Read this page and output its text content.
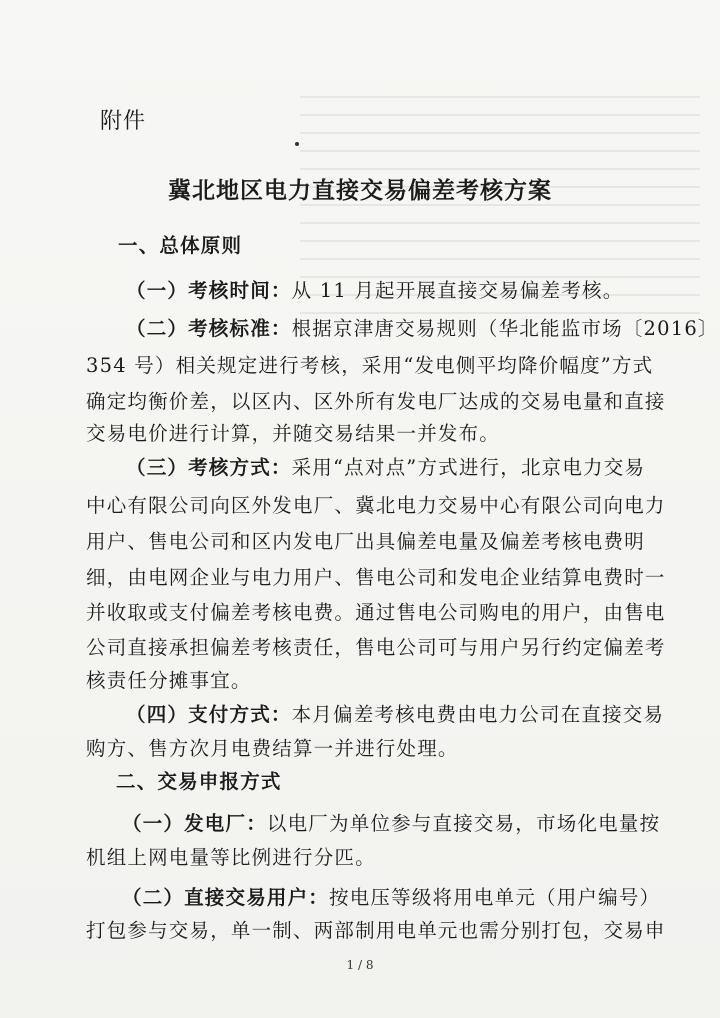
附件
冀北地区电力直接交易偏差考核方案
一、总体原则
（一）考核时间：从 11 月起开展直接交易偏差考核。
（二）考核标准：根据京津唐交易规则（华北能监市场〔2016〕
354 号）相关规定进行考核，采用“发电侧平均降价幅度”方式
确定均衡价差，以区内、区外所有发电厂达成的交易电量和直接
交易电价进行计算，并随交易结果一并发布。
（三）考核方式：采用“点对点”方式进行，北京电力交易
中心有限公司向区外发电厂、冀北电力交易中心有限公司向电力
用户、售电公司和区内发电厂出具偏差电量及偏差考核电费明
细，由电网企业与电力用户、售电公司和发电企业结算电费时一
并收取或支付偏差考核电费。通过售电公司购电的用户，由售电
公司直接承担偏差考核责任，售电公司可与用户另行约定偏差考
核责任分摊事宜。
（四）支付方式：本月偏差考核电费由电力公司在直接交易
购方、售方次月电费结算一并进行处理。
二、交易申报方式
（一）发电厂：以电厂为单位参与直接交易，市场化电量按
机组上网电量等比例进行分匹。
（二）直接交易用户：按电压等级将用电单元（用户编号）
打包参与交易，单一制、两部制用电单元也需分别打包，交易申
1 / 8
